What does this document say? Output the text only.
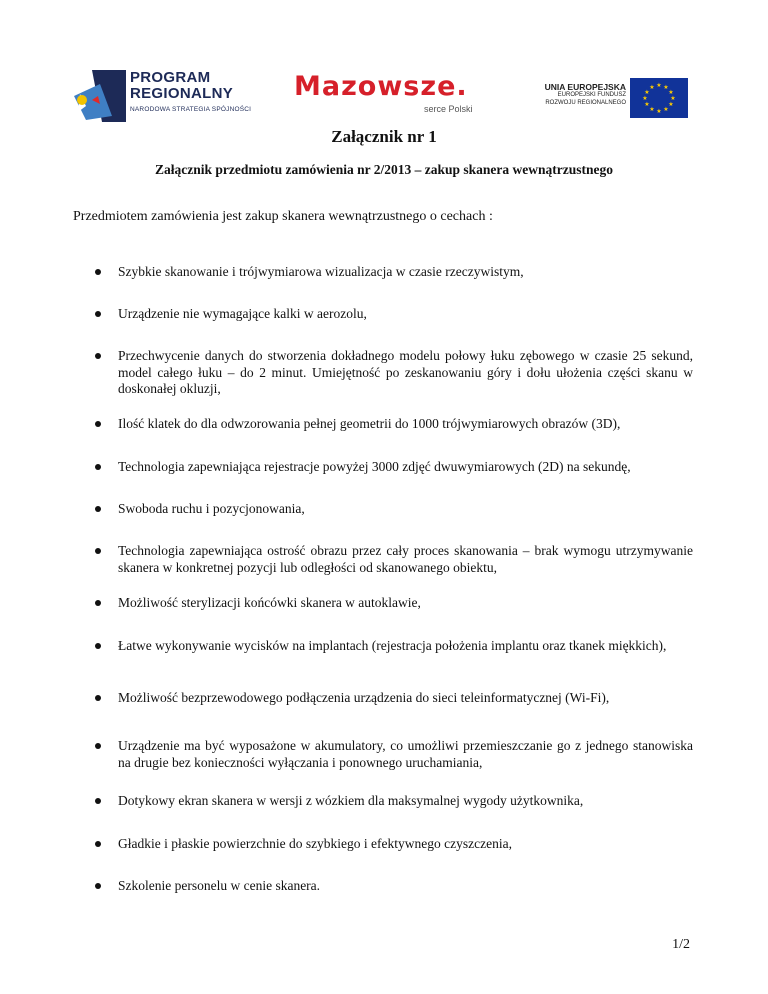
PROGRAM
REGIONALNY
NARODOWA STRATEGIA SPÓJNOŚCI
Mazowsze.
serce Polski
UNIA EUROPEJSKA
EUROPEJSKI FUNDUSZ
ROZWOJU REGIONALNEGO
★ ★
★
★
★
★
★
★
★
★
★
★
Załącznik nr 1
Załącznik przedmiotu zamówienia nr 2/2013 – zakup skanera wewnątrzustnego
Przedmiotem zamówienia jest zakup skanera wewnątrzustnego o cechach :
Szybkie skanowanie i trójwymiarowa wizualizacja w czasie rzeczywistym,
Urządzenie nie wymagające kalki w aerozolu,
Przechwycenie danych do stworzenia dokładnego modelu połowy łuku zębowego w czasie 25 sekund, model całego łuku – do 2 minut. Umiejętność po zeskanowaniu góry i dołu ułożenia części skanu w doskonałej okluzji,
Ilość klatek do dla odwzorowania pełnej geometrii do 1000 trójwymiarowych obrazów (3D),
Technologia zapewniająca rejestracje powyżej 3000 zdjęć dwuwymiarowych (2D) na sekundę,
Swoboda ruchu i pozycjonowania,
Technologia zapewniająca ostrość obrazu przez cały proces skanowania – brak wymogu utrzymywanie skanera w konkretnej pozycji lub odległości od skanowanego obiektu,
Możliwość sterylizacji końcówki skanera w autoklawie,
Łatwe wykonywanie wycisków na implantach (rejestracja położenia implantu oraz tkanek miękkich),
Możliwość bezprzewodowego podłączenia urządzenia do sieci teleinformatycznej (Wi-Fi),
Urządzenie ma być wyposażone w akumulatory, co umożliwi przemieszczanie go z jednego stanowiska na drugie bez konieczności wyłączania i ponownego uruchamiania,
Dotykowy ekran skanera w wersji z wózkiem dla maksymalnej wygody użytkownika,
Gładkie i płaskie powierzchnie do szybkiego i efektywnego czyszczenia,
Szkolenie personelu w cenie skanera.
1/2
